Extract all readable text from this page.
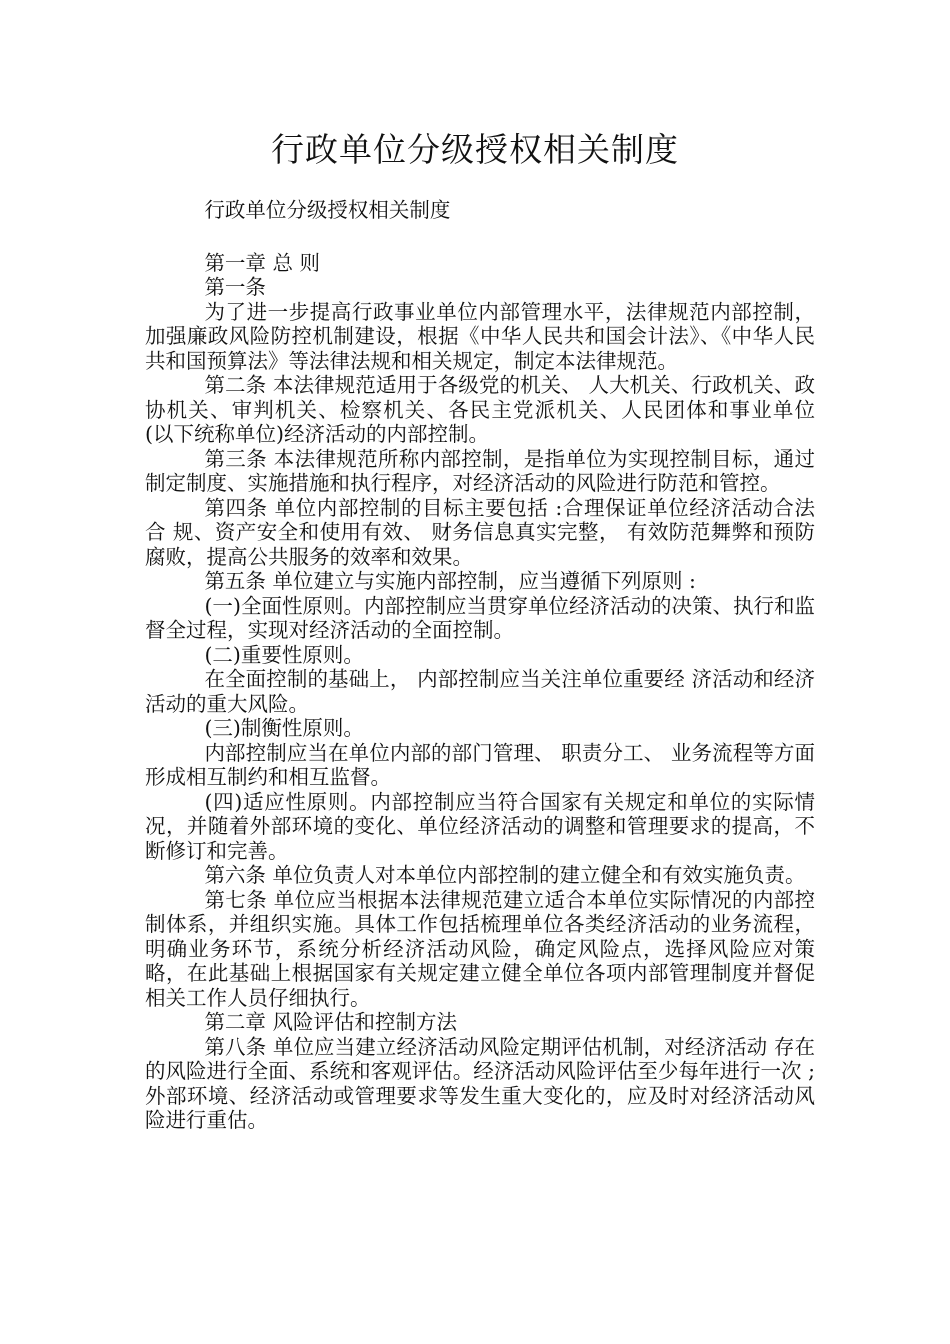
行政单位分级授权相关制度

行政单位分级授权相关制度

第一章 总 则

第一条

为了进一步提高行政事业单位内部管理水平，法律规范内部控制，加强廉政风险防控机制建设，根据《中华人民共和国会计法》、《中华人民共和国预算法》等法律法规和相关规定，制定本法律规范。

第二条 本法律规范适用于各级党的机关、 人大机关、行政机关、政协机关、审判机关、检察机关、各民主党派机关、人民团体和事业单位 (以下统称单位)经济活动的内部控制。

第三条 本法律规范所称内部控制，是指单位为实现控制目标，通过制定制度、实施措施和执行程序，对经济活动的风险进行防范和管控。

第四条 单位内部控制的目标主要包括 :合理保证单位经济活动合法合 规、资产安全和使用有效、 财务信息真实完整， 有效防范舞弊和预防腐败，提高公共服务的效率和效果。

第五条 单位建立与实施内部控制，应当遵循下列原则 :

(一)全面性原则。内部控制应当贯穿单位经济活动的决策、执行和监督全过程，实现对经济活动的全面控制。

(二)重要性原则。

在全面控制的基础上， 内部控制应当关注单位重要经 济活动和经济活动的重大风险。

(三)制衡性原则。

内部控制应当在单位内部的部门管理、 职责分工、 业务流程等方面形成相互制约和相互监督。

(四)适应性原则。内部控制应当符合国家有关规定和单位的实际情况，并随着外部环境的变化、单位经济活动的调整和管理要求的提高，不断修订和完善。

第六条 单位负责人对本单位内部控制的建立健全和有效实施负责。

第七条 单位应当根据本法律规范建立适合本单位实际情况的内部控制体系，并组织实施。具体工作包括梳理单位各类经济活动的业务流程，明确业务环节，系统分析经济活动风险，确定风险点，选择风险应对策略，在此基础上根据国家有关规定建立健全单位各项内部管理制度并督促相关工作人员仔细执行。

第二章 风险评估和控制方法

第八条 单位应当建立经济活动风险定期评估机制，对经济活动 存在的风险进行全面、系统和客观评估。经济活动风险评估至少每年进行一次 ;外部环境、经济活动或管理要求等发生重大变化的，应及时对经济活动风险进行重估。
